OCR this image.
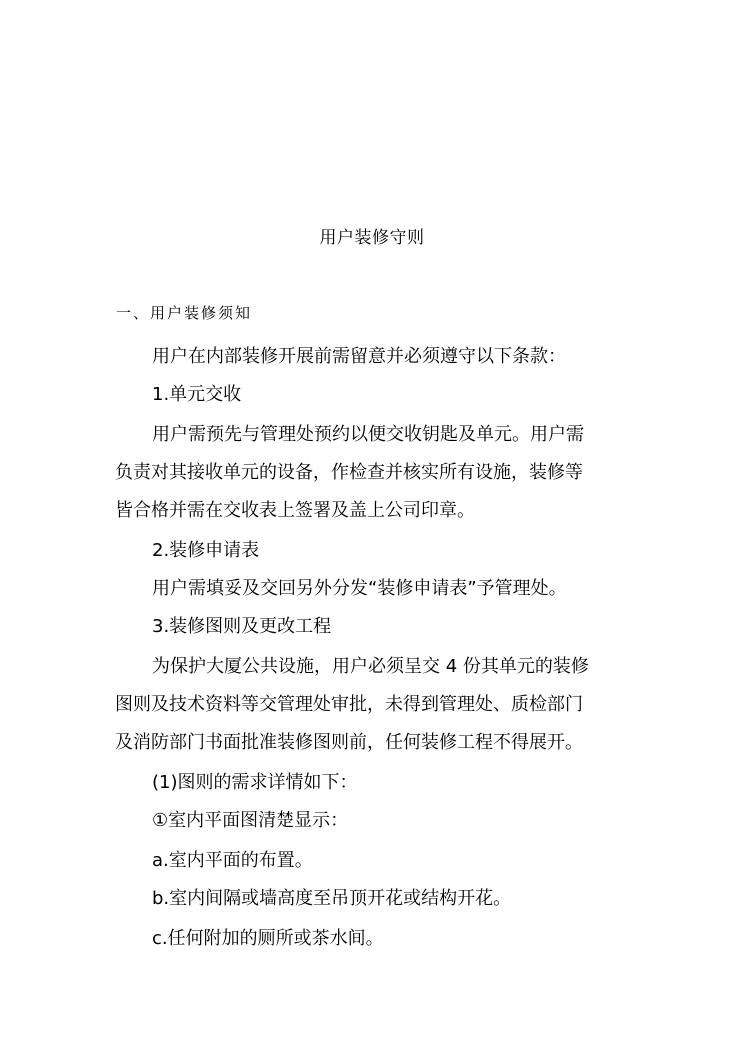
用户装修守则
一、用户装修须知
用户在内部装修开展前需留意并必须遵守以下条款：
1.单元交收
用户需预先与管理处预约以便交收钥匙及单元。用户需
负责对其接收单元的设备，作检查并核实所有设施，装修等
皆合格并需在交收表上签署及盖上公司印章。
2.装修申请表
用户需填妥及交回另外分发“装修申请表”予管理处。
3.装修图则及更改工程
为保护大厦公共设施，用户必须呈交 4 份其单元的装修
图则及技术资料等交管理处审批，未得到管理处、质检部门
及消防部门书面批准装修图则前，任何装修工程不得展开。
(1)图则的需求详情如下：
①室内平面图清楚显示：
a.室内平面的布置。
b.室内间隔或墙高度至吊顶开花或结构开花。
c.任何附加的厕所或茶水间。
